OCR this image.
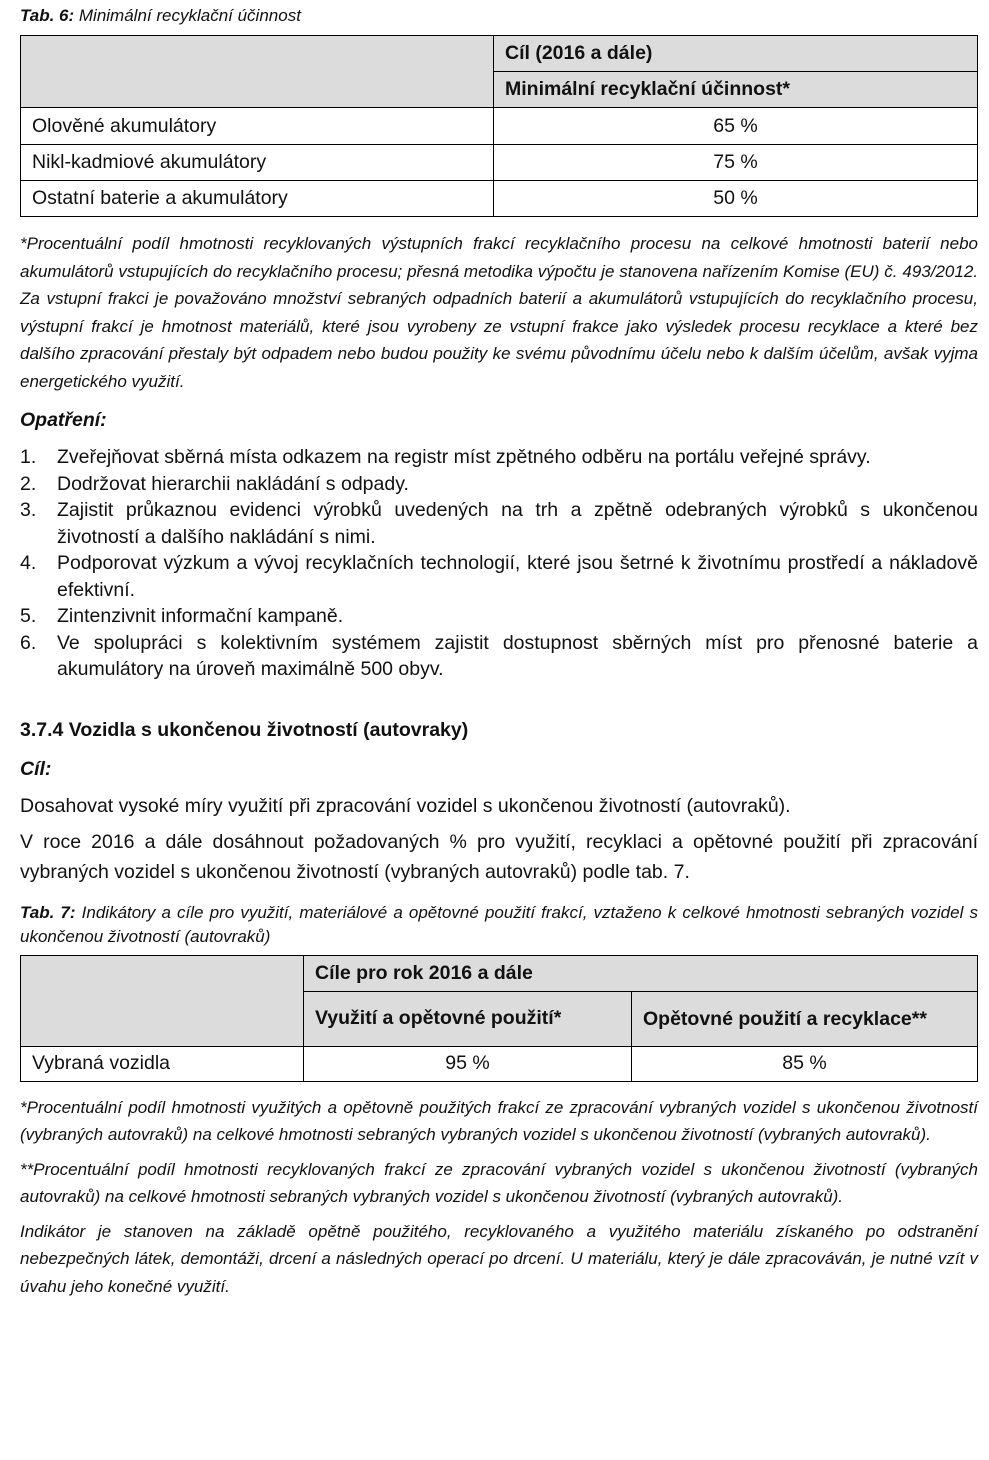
Tab. 6: Minimální recyklační účinnost
	Cíl (2016 a dále)
	Minimální recyklační účinnost*
Olověné akumulátory	65 %
Nikl-kadmiové akumulátory	75 %
Ostatní baterie a akumulátory	50 %
*Procentuální podíl hmotnosti recyklovaných výstupních frakcí recyklačního procesu na celkové hmotnosti baterií nebo akumulátorů vstupujících do recyklačního procesu; přesná metodika výpočtu je stanovena nařízením Komise (EU) č. 493/2012. Za vstupní frakci je považováno množství sebraných odpadních baterií a akumulátorů vstupujících do recyklačního procesu, výstupní frakcí je hmotnost materiálů, které jsou vyrobeny ze vstupní frakce jako výsledek procesu recyklace a které bez dalšího zpracování přestaly být odpadem nebo budou použity ke svému původnímu účelu nebo k dalším účelům, avšak vyjma energetického využití.
Opatření:
1. Zveřejňovat sběrná místa odkazem na registr míst zpětného odběru na portálu veřejné správy.
2. Dodržovat hierarchii nakládání s odpady.
3. Zajistit průkaznou evidenci výrobků uvedených na trh a zpětně odebraných výrobků s ukončenou životností a dalšího nakládání s nimi.
4. Podporovat výzkum a vývoj recyklačních technologií, které jsou šetrné k životnímu prostředí a nákladově efektivní.
5. Zintenzivnit informační kampaně.
6. Ve spolupráci s kolektivním systémem zajistit dostupnost sběrných míst pro přenosné baterie a akumulátory na úroveň maximálně 500 obyv.
3.7.4 Vozidla s ukončenou životností (autovraky)
Cíl:
Dosahovat vysoké míry využití při zpracování vozidel s ukončenou životností (autovraků).
V roce 2016 a dále dosáhnout požadovaných % pro využití, recyklaci a opětovné použití při zpracování vybraných vozidel s ukončenou životností (vybraných autovraků) podle tab. 7.
Tab. 7: Indikátory a cíle pro využití, materiálové a opětovné použití frakcí, vztaženo k celkové hmotnosti sebraných vozidel s ukončenou životností (autovraků)
	Cíle pro rok 2016 a dále	
	Využití a opětovné použití*	Opětovné použití a recyklace**
Vybraná vozidla	95 %	85 %
*Procentuální podíl hmotnosti využitých a opětovně použitých frakcí ze zpracování vybraných vozidel s ukončenou životností (vybraných autovraků) na celkové hmotnosti sebraných vybraných vozidel s ukončenou životností (vybraných autovraků).
**Procentuální podíl hmotnosti recyklovaných frakcí ze zpracování vybraných vozidel s ukončenou životností (vybraných autovraků) na celkové hmotnosti sebraných vybraných vozidel s ukončenou životností (vybraných autovraků).
Indikátor je stanoven na základě opětně použitého, recyklovaného a využitého materiálu získaného po odstranění nebezpečných látek, demontáži, drcení a následných operací po drcení. U materiálu, který je dále zpracováván, je nutné vzít v úvahu jeho konečné využití.
